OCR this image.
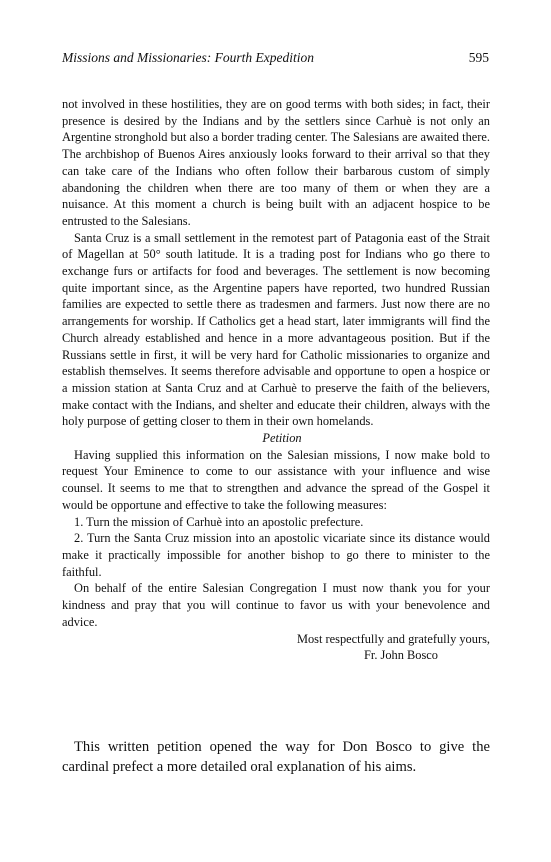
Missions and Missionaries: Fourth Expedition	595

not involved in these hostilities, they are on good terms with both sides; in fact, their presence is desired by the Indians and by the settlers since Carhuè is not only an Argentine stronghold but also a border trading center. The Salesians are awaited there. The archbishop of Buenos Aires anxiously looks forward to their arrival so that they can take care of the Indians who often follow their barbarous custom of simply abandoning the children when there are too many of them or when they are a nuisance. At this moment a church is being built with an adjacent hospice to be entrusted to the Salesians.

Santa Cruz is a small settlement in the remotest part of Patagonia east of the Strait of Magellan at 50° south latitude. It is a trading post for Indians who go there to exchange furs or artifacts for food and beverages. The settlement is now becoming quite important since, as the Argentine papers have reported, two hundred Russian families are expected to settle there as tradesmen and farmers. Just now there are no arrangements for worship. If Catholics get a head start, later immigrants will find the Church already established and hence in a more advantageous position. But if the Russians settle in first, it will be very hard for Catholic missionaries to organize and establish themselves. It seems therefore advisable and opportune to open a hospice or a mission station at Santa Cruz and at Carhuè to preserve the faith of the believers, make contact with the Indians, and shelter and educate their children, always with the holy purpose of getting closer to them in their own homelands.

Petition

Having supplied this information on the Salesian missions, I now make bold to request Your Eminence to come to our assistance with your influence and wise counsel. It seems to me that to strengthen and advance the spread of the Gospel it would be opportune and effective to take the following measures:

1. Turn the mission of Carhuè into an apostolic prefecture.
2. Turn the Santa Cruz mission into an apostolic vicariate since its distance would make it practically impossible for another bishop to go there to minister to the faithful.

On behalf of the entire Salesian Congregation I must now thank you for your kindness and pray that you will continue to favor us with your benevolence and advice.

Most respectfully and gratefully yours,

Fr. John Bosco

This written petition opened the way for Don Bosco to give the cardinal prefect a more detailed oral explanation of his aims.
